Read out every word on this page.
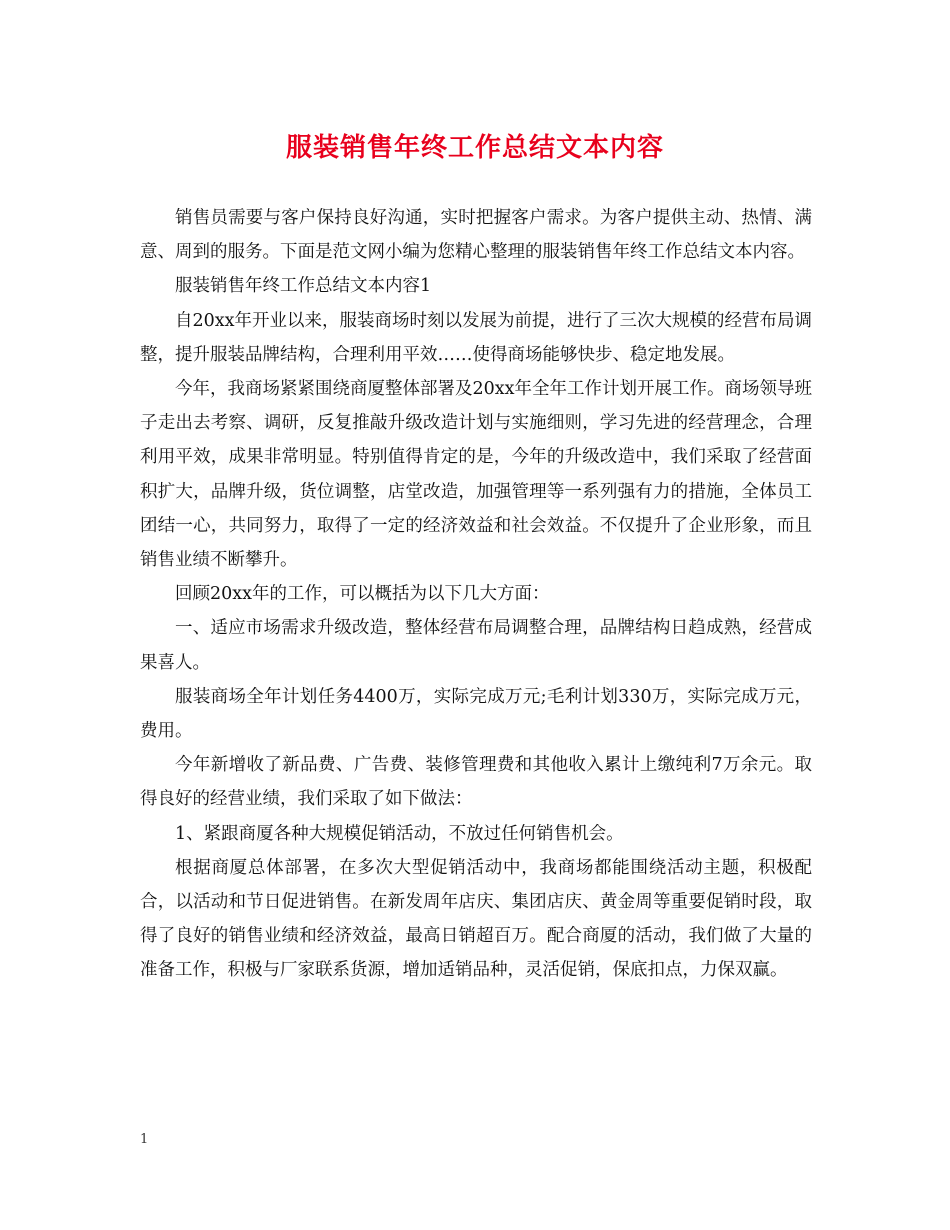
服装销售年终工作总结文本内容

销售员需要与客户保持良好沟通，实时把握客户需求。为客户提供主动、热情、满意、周到的服务。下面是范文网小编为您精心整理的服装销售年终工作总结文本内容。

服装销售年终工作总结文本内容1

自20xx年开业以来，服装商场时刻以发展为前提，进行了三次大规模的经营布局调整，提升服装品牌结构，合理利用平效……使得商场能够快步、稳定地发展。

今年，我商场紧紧围绕商厦整体部署及20xx年全年工作计划开展工作。商场领导班子走出去考察、调研，反复推敲升级改造计划与实施细则，学习先进的经营理念，合理利用平效，成果非常明显。特别值得肯定的是，今年的升级改造中，我们采取了经营面积扩大，品牌升级，货位调整，店堂改造，加强管理等一系列强有力的措施，全体员工团结一心，共同努力，取得了一定的经济效益和社会效益。不仅提升了企业形象，而且销售业绩不断攀升。

回顾20xx年的工作，可以概括为以下几大方面：

一、适应市场需求升级改造，整体经营布局调整合理，品牌结构日趋成熟，经营成果喜人。

服装商场全年计划任务4400万，实际完成万元;毛利计划330万，实际完成万元，费用。

今年新增收了新品费、广告费、装修管理费和其他收入累计上缴纯利7万余元。取得良好的经营业绩，我们采取了如下做法：

1、紧跟商厦各种大规模促销活动，不放过任何销售机会。

根据商厦总体部署，在多次大型促销活动中，我商场都能围绕活动主题，积极配合，以活动和节日促进销售。在新发周年店庆、集团店庆、黄金周等重要促销时段，取得了良好的销售业绩和经济效益，最高日销超百万。配合商厦的活动，我们做了大量的准备工作，积极与厂家联系货源，增加适销品种，灵活促销，保底扣点，力保双赢。

1
